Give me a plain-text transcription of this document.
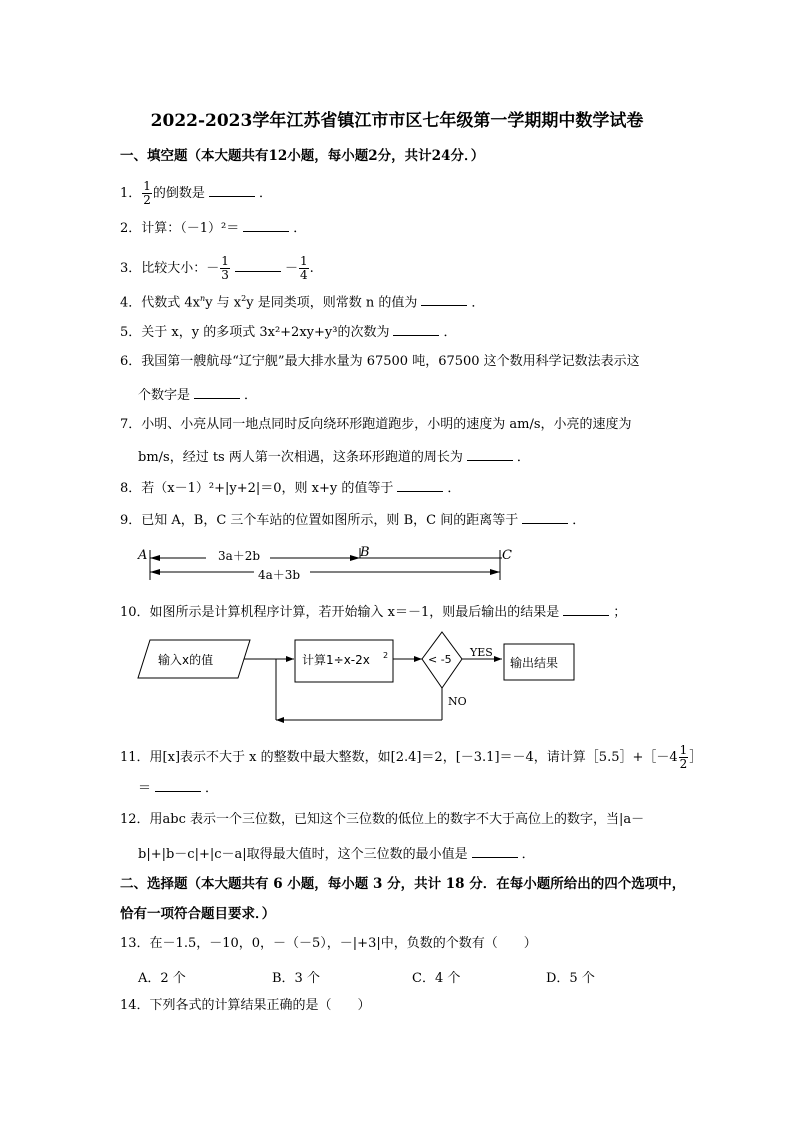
2022-2023学年江苏省镇江市市区七年级第一学期期中数学试卷
一、填空题（本大题共有12小题，每小题2分，共计24分．）
1． $\frac{1}{2}$ 的倒数是	．
2．计算：（－1）²＝	．
3．比较大小：－ $\frac{1}{3}$	－ $\frac{1}{4}$ .
4．代数式 $4x^ny$ 与 $x^2y$ 是同类项，则常数 n 的值为	．
5．关于 x，y 的多项式 3x²+2xy+y³的次数为	．
6．我国第一艘航母“辽宁舰”最大排水量为 67500 吨，67500 这个数用科学记数法表示这
个数字是	．
7．小明、小亮从同一地点同时反向绕环形跑道跑步，小明的速度为 am/s，小亮的速度为
bm/s，经过 ts 两人第一次相遇，这条环形跑道的周长为	．
8．若（x－1）²+|y+2|＝0，则 x+y 的值等于	．
9．已知 A，B，C 三个车站的位置如图所示，则 B，C 间的距离等于	．
3a＋2b
4a＋3b
A	B	C
10．如图所示是计算机程序计算，若开始输入 x＝－1，则最后输出的结果是	；
输入x的值	计算1÷x-2x 2	< -5
YES
输出结果
NO
11．用[x]表示不大于 x 的整数中最大整数，如[2.4]＝2，[－3.1]＝－4，请计算［5.5］+［－4 $\frac{1}{2}$ ］
＝	．
12．用abc 表示一个三位数，已知这个三位数的低位上的数字不大于高位上的数字，当|a－
b|+|b－c|+|c－a|取得最大值时，这个三位数的最小值是	．
二、选择题（本大题共有 6 小题，每小题 3 分，共计 18 分．在每小题所给出的四个选项中，
恰有一项符合题目要求．）
13．在－1.5，－10，0，－（－5），－|+3|中，负数的个数有（　　）
A．2 个	B．3 个	C．4 个	D．5 个
14．下列各式的计算结果正确的是（　　）
